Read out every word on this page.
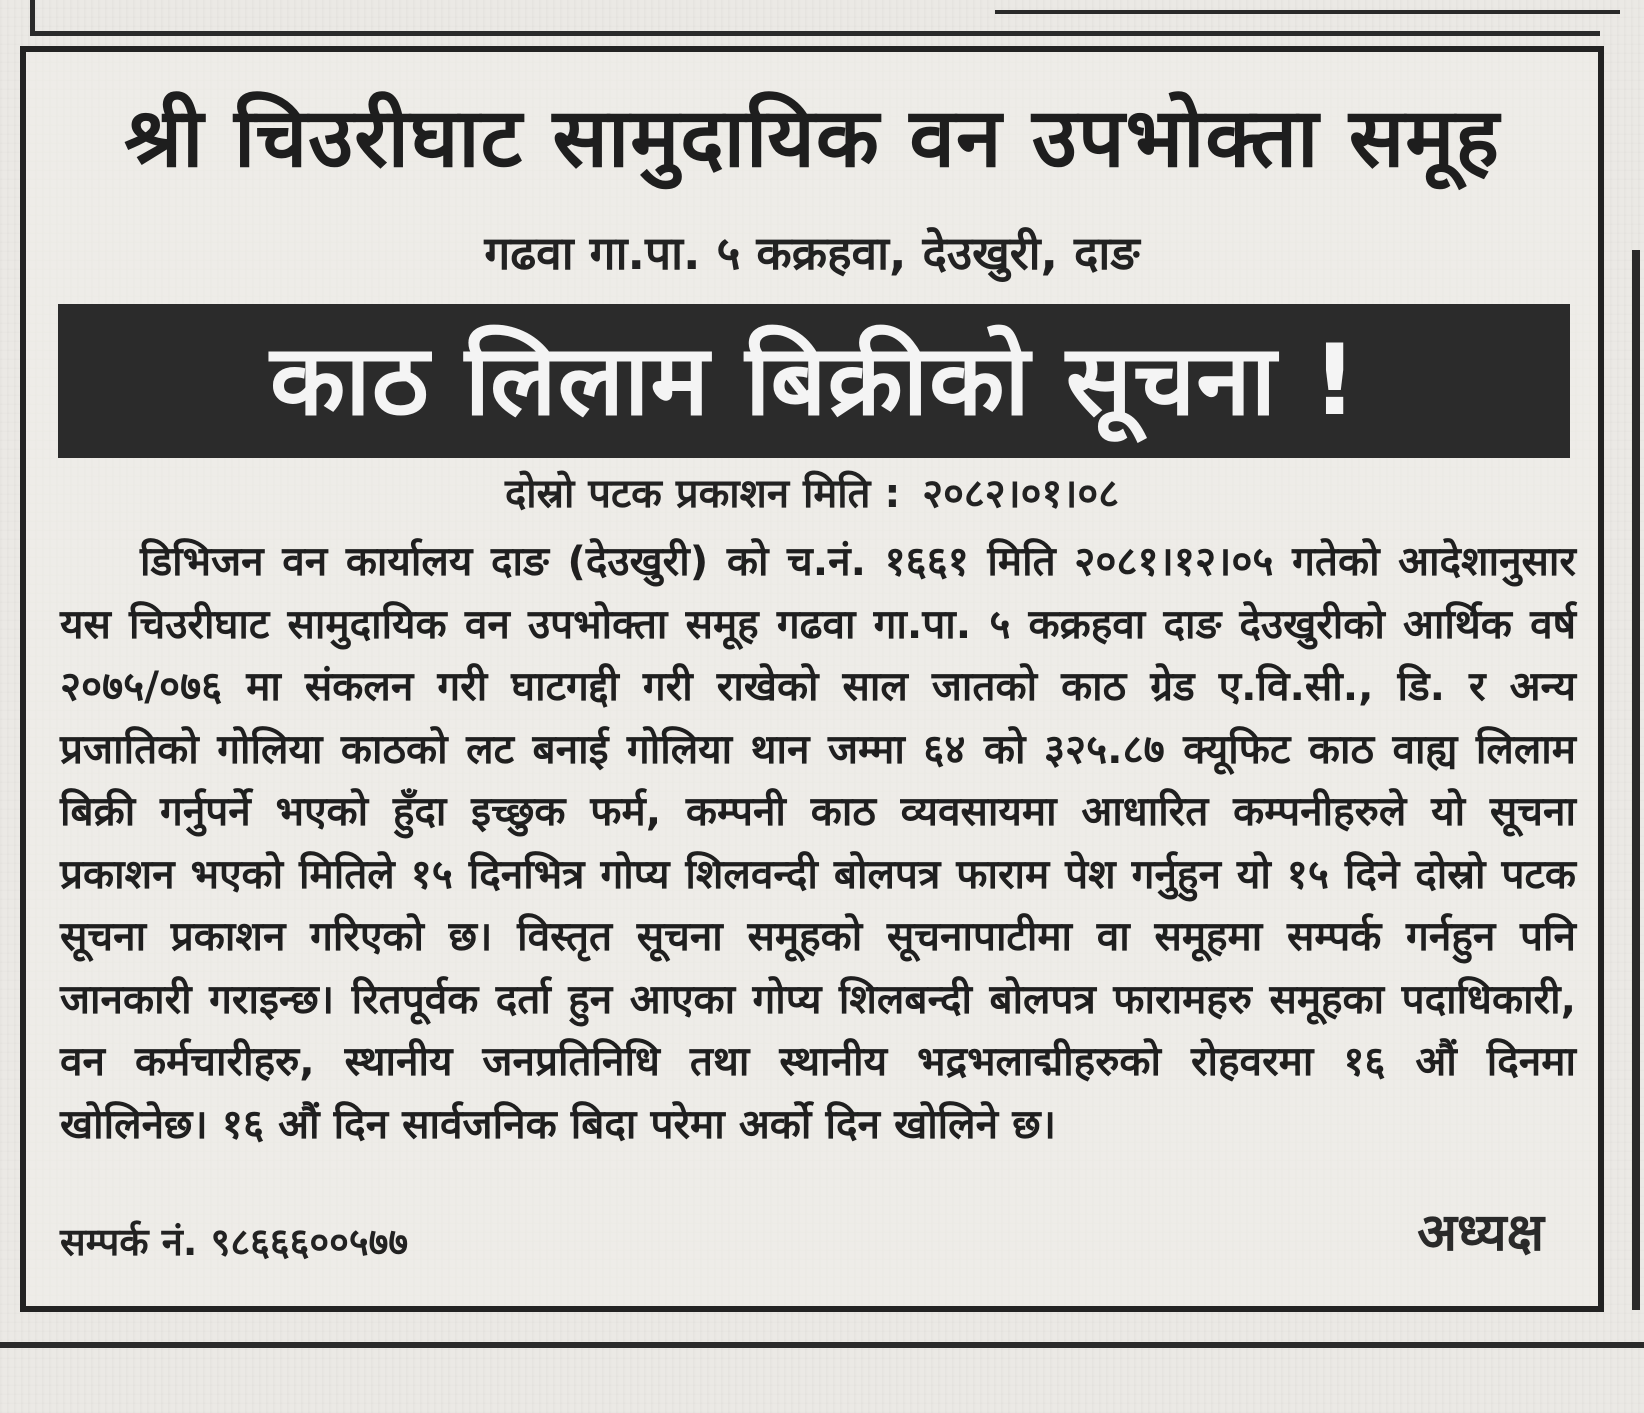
श्री चिउरीघाट सामुदायिक वन उपभोक्ता समूह
गढवा गा.पा. ५ कक्रहवा, देउखुरी, दाङ
काठ लिलाम बिक्रीको सूचना !
दोस्रो पटक प्रकाशन मिति : २०८२।०१।०८

डिभिजन वन कार्यालय दाङ (देउखुरी) को च.नं. १६६१ मिति २०८१।१२।०५ गतेको आदेशानुसार यस चिउरीघाट सामुदायिक वन उपभोक्ता समूह गढवा गा.पा. ५ कक्रहवा दाङ देउखुरीको आर्थिक वर्ष २०७५/०७६ मा संकलन गरी घाटगद्दी गरी राखेको साल जातको काठ ग्रेड ए.वि.सी., डि. र अन्य प्रजातिको गोलिया काठको लट बनाई गोलिया थान जम्मा ६४ को ३२५.८७ क्यूफिट काठ वाह्य लिलाम बिक्री गर्नुपर्ने भएको हुँदा इच्छुक फर्म, कम्पनी काठ व्यवसायमा आधारित कम्पनीहरुले यो सूचना प्रकाशन भएको मितिले १५ दिनभित्र गोप्य शिलवन्दी बोलपत्र फाराम पेश गर्नुहुन यो १५ दिने दोस्रो पटक सूचना प्रकाशन गरिएको छ। विस्तृत सूचना समूहको सूचनापाटीमा वा समूहमा सम्पर्क गर्नहुन पनि जानकारी गराइन्छ। रितपूर्वक दर्ता हुन आएका गोप्य शिलबन्दी बोलपत्र फारामहरु समूहका पदाधिकारी, वन कर्मचारीहरु, स्थानीय जनप्रतिनिधि तथा स्थानीय भद्रभलाद्मीहरुको रोहवरमा १६ औं दिनमा खोलिनेछ। १६ औं दिन सार्वजनिक बिदा परेमा अर्को दिन खोलिने छ।

सम्पर्क नं. ९८६६६००५७७	अध्यक्ष
